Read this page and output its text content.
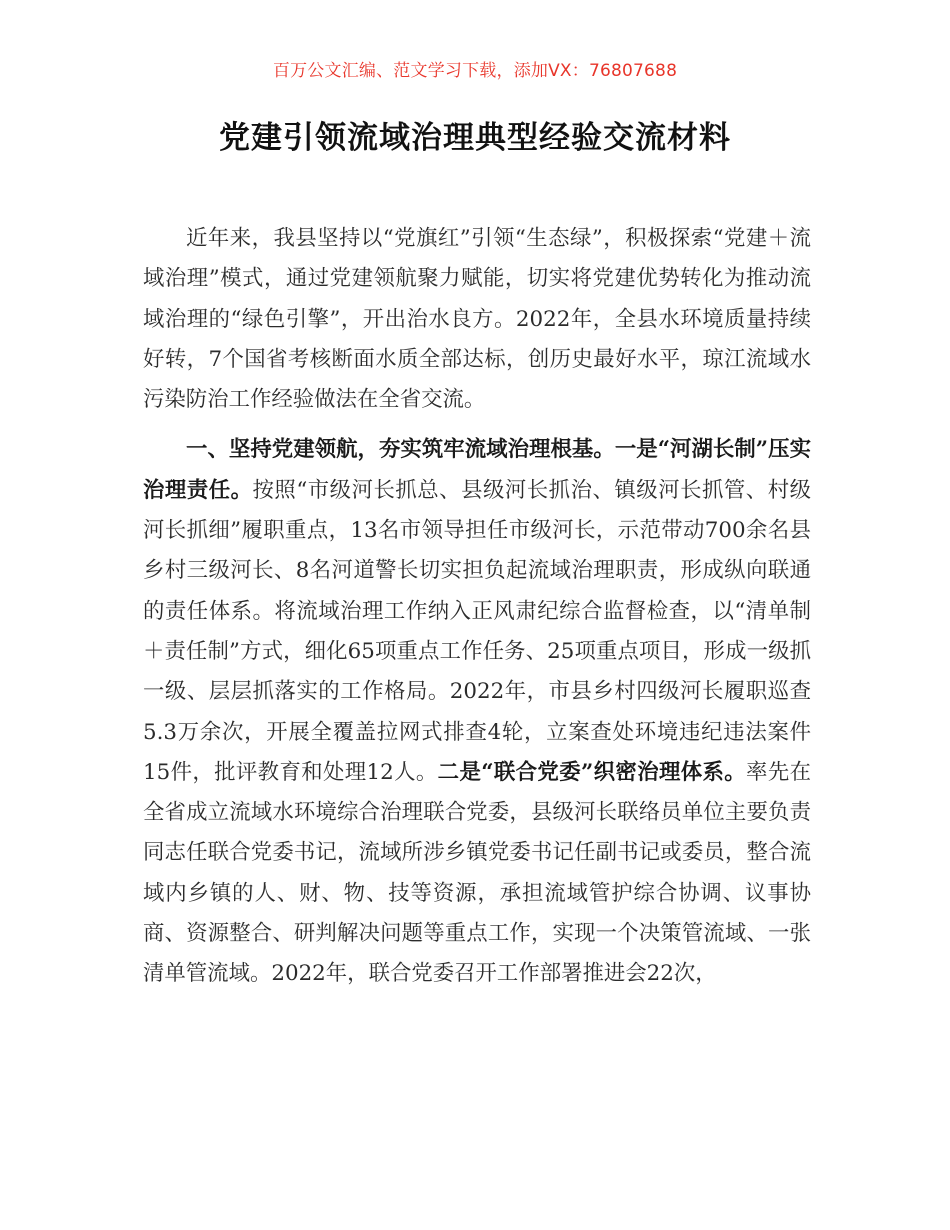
百万公文汇编、范文学习下载，添加VX：76807688
党建引领流域治理典型经验交流材料

近年来，我县坚持以“党旗红”引领“生态绿”，积极探索“党建＋流域治理”模式，通过党建领航聚力赋能，切实将党建优势转化为推动流域治理的“绿色引擎”，开出治水良方。2022年，全县水环境质量持续好转，7个国省考核断面水质全部达标，创历史最好水平，琼江流域水污染防治工作经验做法在全省交流。

一、坚持党建领航，夯实筑牢流域治理根基。一是“河湖长制”压实治理责任。按照“市级河长抓总、县级河长抓治、镇级河长抓管、村级河长抓细”履职重点，13名市领导担任市级河长，示范带动700余名县乡村三级河长、8名河道警长切实担负起流域治理职责，形成纵向联通的责任体系。将流域治理工作纳入正风肃纪综合监督检查，以“清单制＋责任制”方式，细化65项重点工作任务、25项重点项目，形成一级抓一级、层层抓落实的工作格局。2022年，市县乡村四级河长履职巡查5.3万余次，开展全覆盖拉网式排查4轮，立案查处环境违纪违法案件15件，批评教育和处理12人。二是“联合党委”织密治理体系。率先在全省成立流域水环境综合治理联合党委，县级河长联络员单位主要负责同志任联合党委书记，流域所涉乡镇党委书记任副书记或委员，整合流域内乡镇的人、财、物、技等资源，承担流域管护综合协调、议事协商、资源整合、研判解决问题等重点工作，实现一个决策管流域、一张清单管流域。2022年，联合党委召开工作部署推进会22次，
